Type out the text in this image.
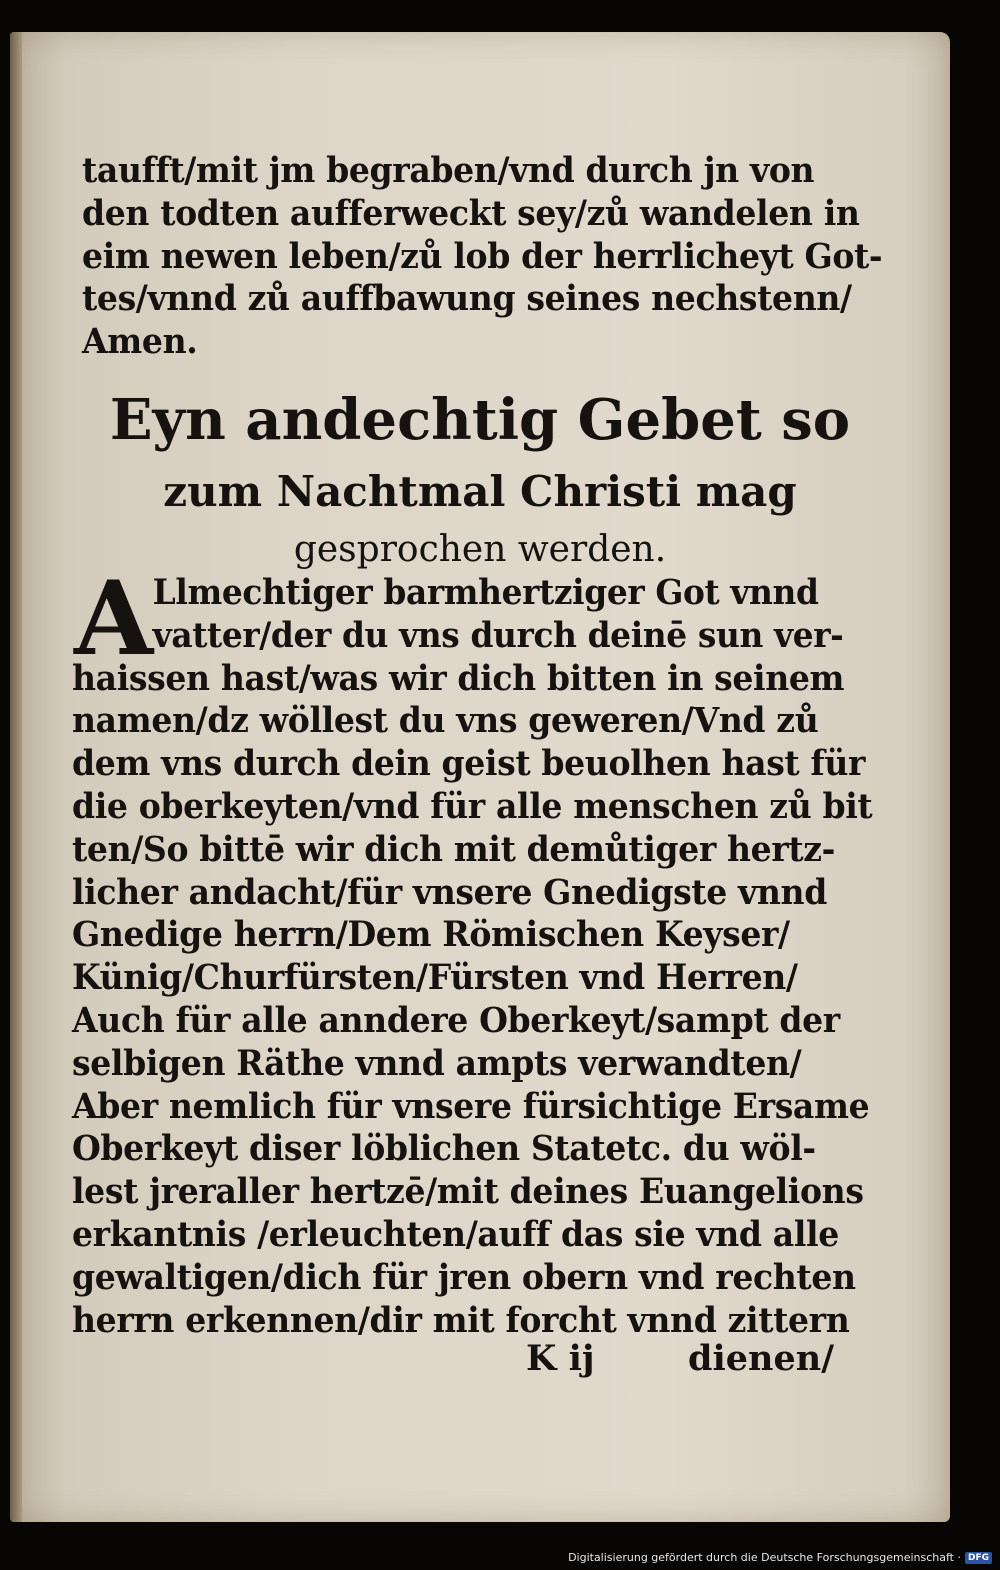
taufft/mit jm begraben/vnd durch jn von
den todten aufferweckt sey/zů wandelen in
eim newen leben/zů lob der herrlicheyt Got-
tes/vnnd zů auffbawung seines nechstenn/
Amen.
Eyn andechtig Gebet so
zum Nachtmal Christi mag
gesprochen werden.
A Llmechtiger barmhertziger Got vnnd
vatter/der du vns durch deinē sun ver-
haissen hast/was wir dich bitten in seinem
namen/dz wöllest du vns geweren/Vnd zů
dem vns durch dein geist beuolhen hast für
die oberkeyten/vnd für alle menschen zů bit
ten/So bittē wir dich mit demůtiger hertz-
licher andacht/für vnsere Gnedigste vnnd
Gnedige herrn/Dem Römischen Keyser/
Künig/Churfürsten/Fürsten vnd Herren/
Auch für alle anndere Oberkeyt/sampt der
selbigen Räthe vnnd ampts verwandten/
Aber nemlich für vnsere fürsichtige Ersame
Oberkeyt diser löblichen Statetc. du wöl-
lest jreraller hertzē/mit deines Euangelions
erkantnis /erleuchten/auff das sie vnd alle
gewaltigen/dich für jren obern vnd rechten
herrn erkennen/dir mit forcht vnnd zittern
K ij	dienen/
Digitalisierung gefördert durch die Deutsche Forschungsgemeinschaft · DFG
